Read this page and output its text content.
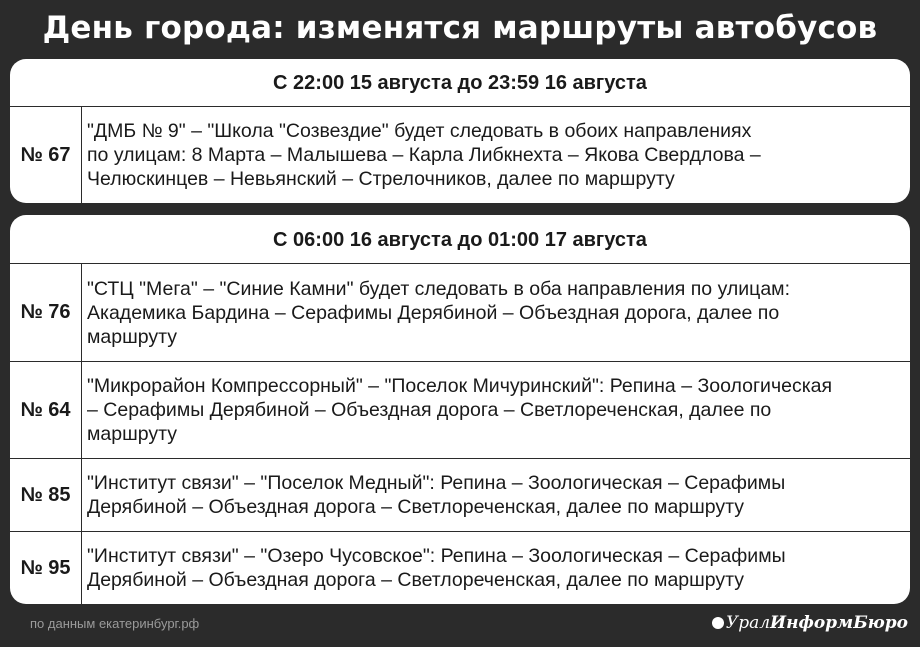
День города: изменятся маршруты автобусов
С 22:00 15 августа до 23:59 16 августа
№ 67
"ДМБ № 9" – "Школа "Созвездие" будет следовать в обоих направлениях
по улицам: 8 Марта – Малышева – Карла Либкнехта – Якова Свердлова –
Челюскинцев – Невьянский – Стрелочников, далее по маршруту
С 06:00 16 августа до 01:00 17 августа
№ 76
"СТЦ "Мега" – "Синие Камни" будет следовать в оба направления по улицам:
Академика Бардина – Серафимы Дерябиной – Объездная дорога, далее по
маршруту
№ 64
"Микрорайон Компрессорный" – "Поселок Мичуринский": Репина – Зоологическая
– Серафимы Дерябиной – Объездная дорога – Светлореченская, далее по
маршруту
№ 85
"Институт связи" – "Поселок Медный": Репина – Зоологическая – Серафимы
Дерябиной – Объездная дорога – Светлореченская, далее по маршруту
№ 95
"Институт связи" – "Озеро Чусовское": Репина – Зоологическая – Серафимы
Дерябиной – Объездная дорога – Светлореченская, далее по маршруту
по данным екатеринбург.рф	Урал ИнформБюро
